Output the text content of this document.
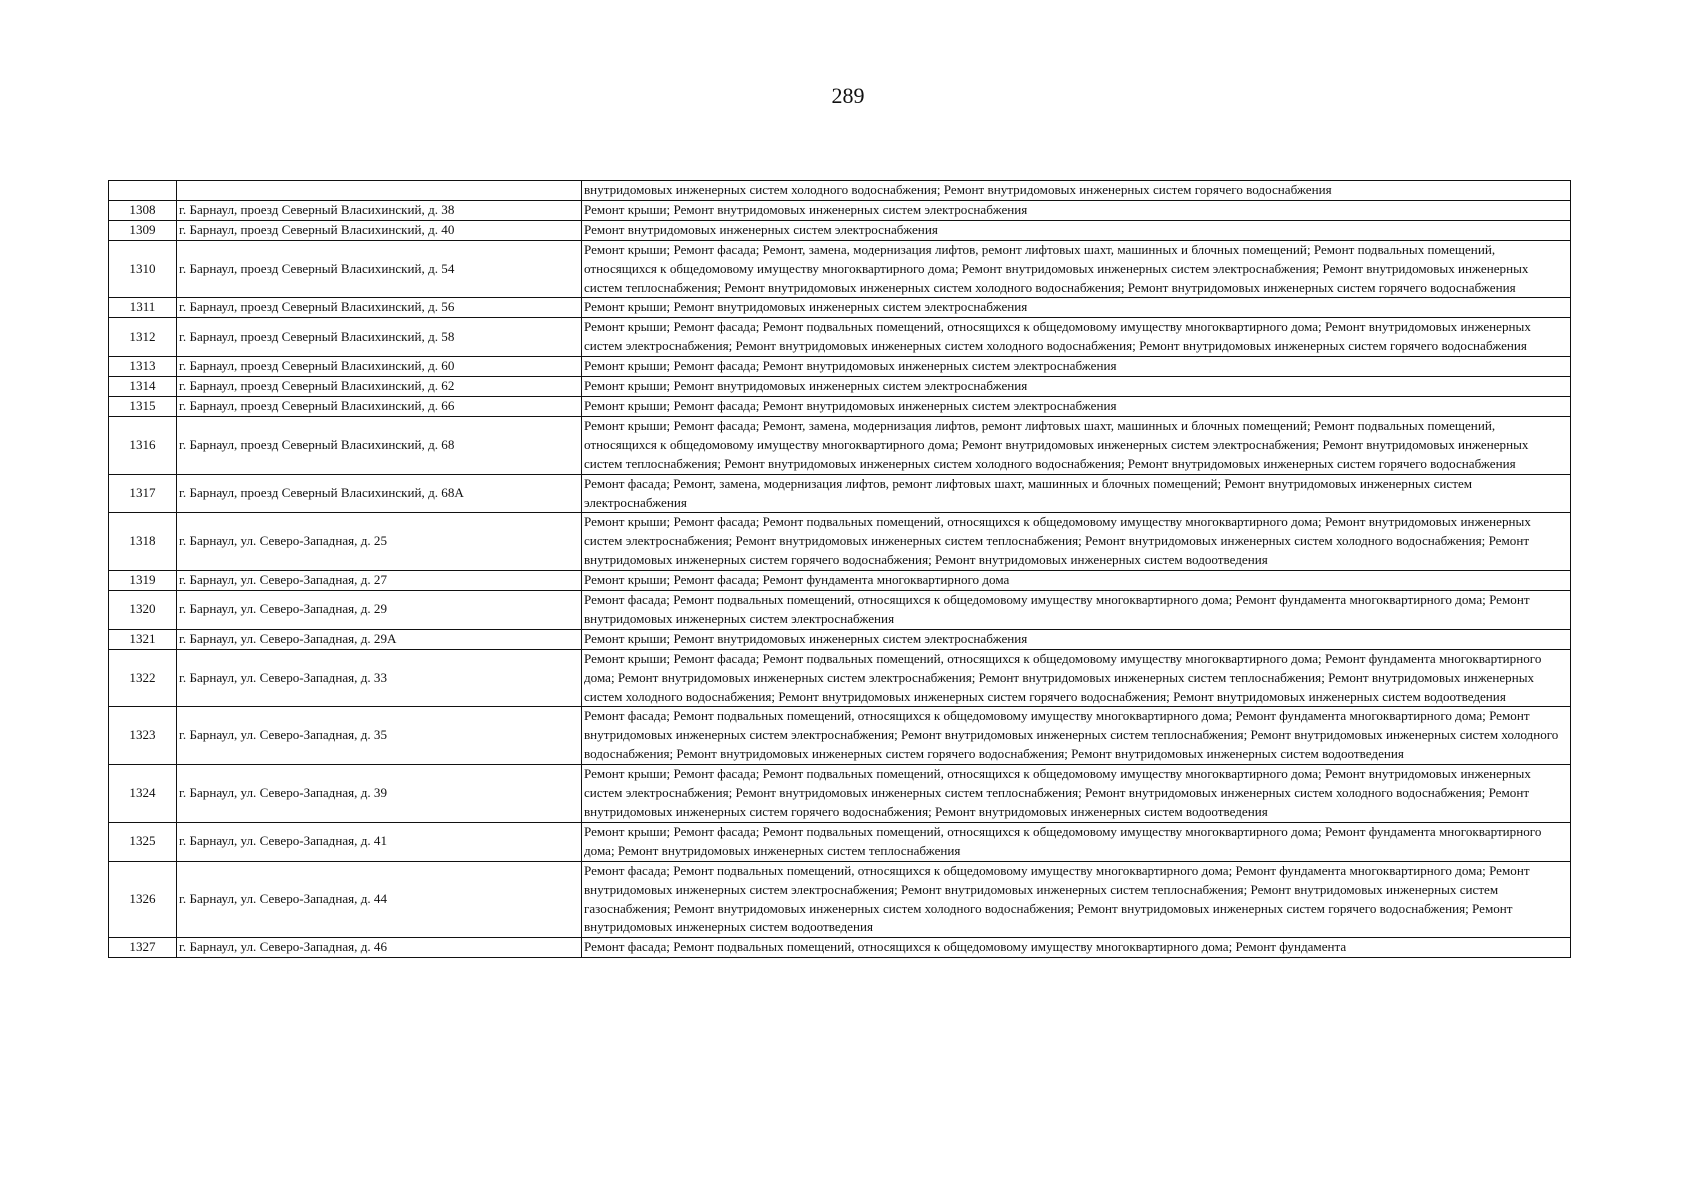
289
		внутридомовых инженерных систем холодного водоснабжения; Ремонт внутридомовых инженерных систем горячего водоснабжения
1308	г. Барнаул, проезд Северный Власихинский, д. 38	Ремонт крыши; Ремонт внутридомовых инженерных систем электроснабжения
1309	г. Барнаул, проезд Северный Власихинский, д. 40	Ремонт внутридомовых инженерных систем электроснабжения
1310	г. Барнаул, проезд Северный Власихинский, д. 54	Ремонт крыши; Ремонт фасада; Ремонт, замена, модернизация лифтов, ремонт лифтовых шахт, машинных и блочных помещений; Ремонт подвальных помещений, относящихся к общедомовому имуществу многоквартирного дома; Ремонт внутридомовых инженерных систем электроснабжения; Ремонт внутридомовых инженерных систем теплоснабжения; Ремонт внутридомовых инженерных систем холодного водоснабжения; Ремонт внутридомовых инженерных систем горячего водоснабжения
1311	г. Барнаул, проезд Северный Власихинский, д. 56	Ремонт крыши; Ремонт внутридомовых инженерных систем электроснабжения
1312	г. Барнаул, проезд Северный Власихинский, д. 58	Ремонт крыши; Ремонт фасада; Ремонт подвальных помещений, относящихся к общедомовому имуществу многоквартирного дома; Ремонт внутридомовых инженерных систем электроснабжения; Ремонт внутридомовых инженерных систем холодного водоснабжения; Ремонт внутридомовых инженерных систем горячего водоснабжения
1313	г. Барнаул, проезд Северный Власихинский, д. 60	Ремонт крыши; Ремонт фасада; Ремонт внутридомовых инженерных систем электроснабжения
1314	г. Барнаул, проезд Северный Власихинский, д. 62	Ремонт крыши; Ремонт внутридомовых инженерных систем электроснабжения
1315	г. Барнаул, проезд Северный Власихинский, д. 66	Ремонт крыши; Ремонт фасада; Ремонт внутридомовых инженерных систем электроснабжения
1316	г. Барнаул, проезд Северный Власихинский, д. 68	Ремонт крыши; Ремонт фасада; Ремонт, замена, модернизация лифтов, ремонт лифтовых шахт, машинных и блочных помещений; Ремонт подвальных помещений, относящихся к общедомовому имуществу многоквартирного дома; Ремонт внутридомовых инженерных систем электроснабжения; Ремонт внутридомовых инженерных систем теплоснабжения; Ремонт внутридомовых инженерных систем холодного водоснабжения; Ремонт внутридомовых инженерных систем горячего водоснабжения
1317	г. Барнаул, проезд Северный Власихинский, д. 68А	Ремонт фасада; Ремонт, замена, модернизация лифтов, ремонт лифтовых шахт, машинных и блочных помещений; Ремонт внутридомовых инженерных систем электроснабжения
1318	г. Барнаул, ул. Северо-Западная, д. 25	Ремонт крыши; Ремонт фасада; Ремонт подвальных помещений, относящихся к общедомовому имуществу многоквартирного дома; Ремонт внутридомовых инженерных систем электроснабжения; Ремонт внутридомовых инженерных систем теплоснабжения; Ремонт внутридомовых инженерных систем холодного водоснабжения; Ремонт внутридомовых инженерных систем горячего водоснабжения; Ремонт внутридомовых инженерных систем водоотведения
1319	г. Барнаул, ул. Северо-Западная, д. 27	Ремонт крыши; Ремонт фасада; Ремонт фундамента многоквартирного дома
1320	г. Барнаул, ул. Северо-Западная, д. 29	Ремонт фасада; Ремонт подвальных помещений, относящихся к общедомовому имуществу многоквартирного дома; Ремонт фундамента многоквартирного дома; Ремонт внутридомовых инженерных систем электроснабжения
1321	г. Барнаул, ул. Северо-Западная, д. 29А	Ремонт крыши; Ремонт внутридомовых инженерных систем электроснабжения
1322	г. Барнаул, ул. Северо-Западная, д. 33	Ремонт крыши; Ремонт фасада; Ремонт подвальных помещений, относящихся к общедомовому имуществу многоквартирного дома; Ремонт фундамента многоквартирного дома; Ремонт внутридомовых инженерных систем электроснабжения; Ремонт внутридомовых инженерных систем теплоснабжения; Ремонт внутридомовых инженерных систем холодного водоснабжения; Ремонт внутридомовых инженерных систем горячего водоснабжения; Ремонт внутридомовых инженерных систем водоотведения
1323	г. Барнаул, ул. Северо-Западная, д. 35	Ремонт фасада; Ремонт подвальных помещений, относящихся к общедомовому имуществу многоквартирного дома; Ремонт фундамента многоквартирного дома; Ремонт внутридомовых инженерных систем электроснабжения; Ремонт внутридомовых инженерных систем теплоснабжения; Ремонт внутридомовых инженерных систем холодного водоснабжения; Ремонт внутридомовых инженерных систем горячего водоснабжения; Ремонт внутридомовых инженерных систем водоотведения
1324	г. Барнаул, ул. Северо-Западная, д. 39	Ремонт крыши; Ремонт фасада; Ремонт подвальных помещений, относящихся к общедомовому имуществу многоквартирного дома; Ремонт внутридомовых инженерных систем электроснабжения; Ремонт внутридомовых инженерных систем теплоснабжения; Ремонт внутридомовых инженерных систем холодного водоснабжения; Ремонт внутридомовых инженерных систем горячего водоснабжения; Ремонт внутридомовых инженерных систем водоотведения
1325	г. Барнаул, ул. Северо-Западная, д. 41	Ремонт крыши; Ремонт фасада; Ремонт подвальных помещений, относящихся к общедомовому имуществу многоквартирного дома; Ремонт фундамента многоквартирного дома; Ремонт внутридомовых инженерных систем теплоснабжения
1326	г. Барнаул, ул. Северо-Западная, д. 44	Ремонт фасада; Ремонт подвальных помещений, относящихся к общедомовому имуществу многоквартирного дома; Ремонт фундамента многоквартирного дома; Ремонт внутридомовых инженерных систем электроснабжения; Ремонт внутридомовых инженерных систем теплоснабжения; Ремонт внутридомовых инженерных систем газоснабжения; Ремонт внутридомовых инженерных систем холодного водоснабжения; Ремонт внутридомовых инженерных систем горячего водоснабжения; Ремонт внутридомовых инженерных систем водоотведения
1327	г. Барнаул, ул. Северо-Западная, д. 46	Ремонт фасада; Ремонт подвальных помещений, относящихся к общедомовому имуществу многоквартирного дома; Ремонт фундамента
